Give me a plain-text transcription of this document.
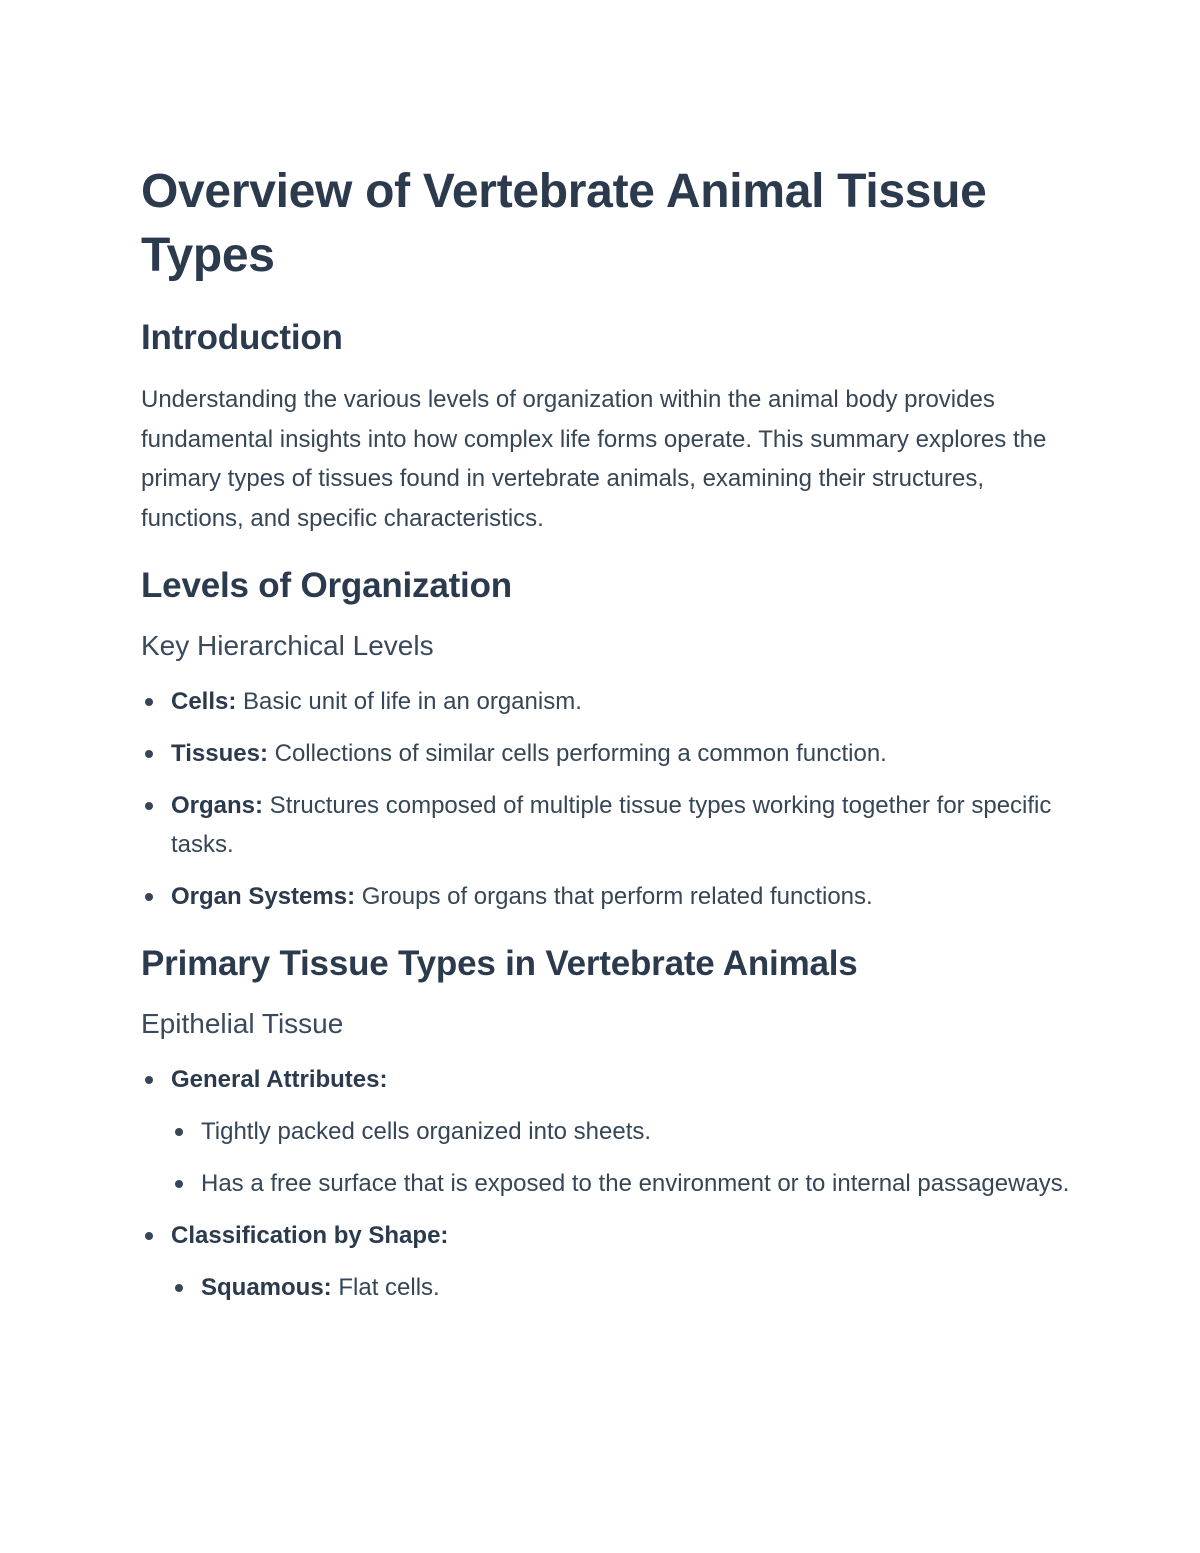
Overview of Vertebrate Animal Tissue Types
Introduction

Understanding the various levels of organization within the animal body provides fundamental insights into how complex life forms operate. This summary explores the primary types of tissues found in vertebrate animals, examining their structures, functions, and specific characteristics.

Levels of Organization
Key Hierarchical Levels
Cells: Basic unit of life in an organism.
Tissues: Collections of similar cells performing a common function.
Organs: Structures composed of multiple tissue types working together for specific tasks.
Organ Systems: Groups of organs that perform related functions.
Primary Tissue Types in Vertebrate Animals
Epithelial Tissue
General Attributes:
Tightly packed cells organized into sheets.
Has a free surface that is exposed to the environment or to internal passageways.
Classification by Shape:
Squamous: Flat cells.
